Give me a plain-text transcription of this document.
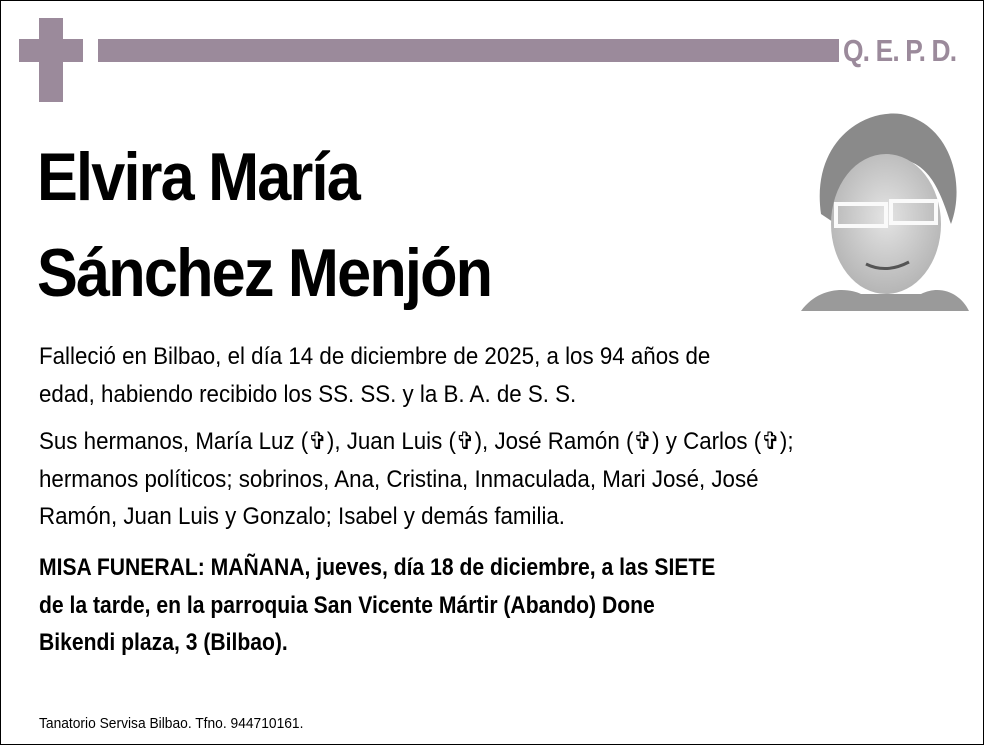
Q. E. P. D.
Elvira María
Sánchez Menjón
Falleció en Bilbao, el día 14 de diciembre de 2025, a los 94 años de
edad, habiendo recibido los SS. SS. y la B. A. de S. S.
Sus hermanos, María Luz (✞), Juan Luis (✞), José Ramón (✞) y Carlos (✞);
hermanos políticos; sobrinos, Ana, Cristina, Inmaculada, Mari José, José
Ramón, Juan Luis y Gonzalo; Isabel y demás familia.
MISA FUNERAL: MAÑANA, jueves, día 18 de diciembre, a las SIETE
de la tarde, en la parroquia San Vicente Mártir (Abando) Done
Bikendi plaza, 3 (Bilbao).
Tanatorio Servisa Bilbao. Tfno. 944710161.
